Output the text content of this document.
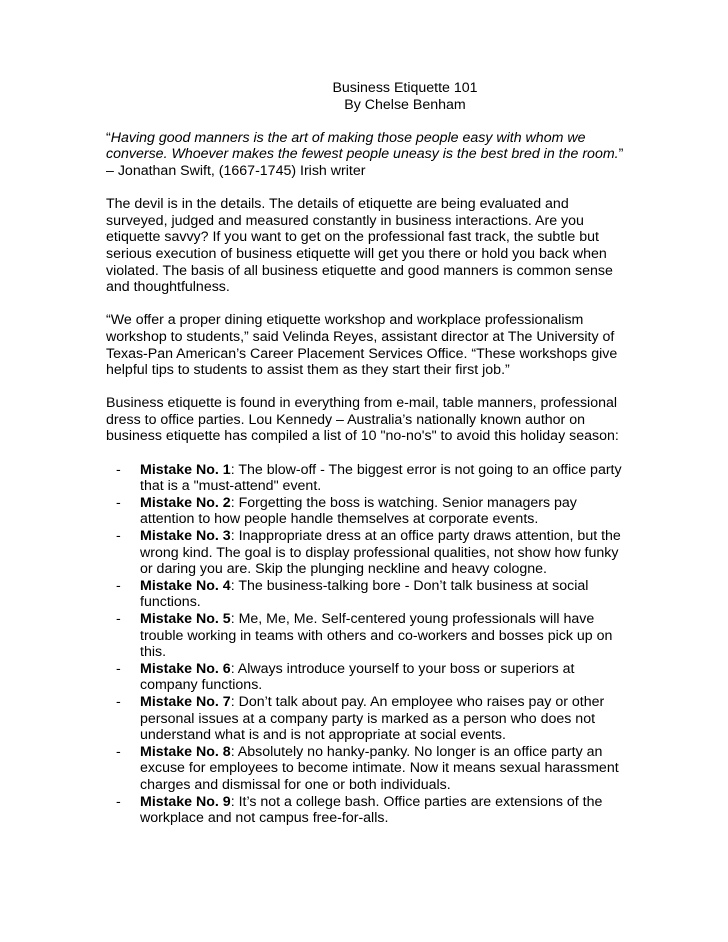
Business Etiquette 101
By Chelse Benham

“Having good manners is the art of making those people easy with whom we converse. Whoever makes the fewest people uneasy is the best bred in the room.” – Jonathan Swift, (1667-1745) Irish writer

The devil is in the details. The details of etiquette are being evaluated and surveyed, judged and measured constantly in business interactions. Are you etiquette savvy? If you want to get on the professional fast track, the subtle but serious execution of business etiquette will get you there or hold you back when violated. The basis of all business etiquette and good manners is common sense and thoughtfulness.

“We offer a proper dining etiquette workshop and workplace professionalism workshop to students,” said Velinda Reyes, assistant director at The University of Texas-Pan American’s Career Placement Services Office. “These workshops give helpful tips to students to assist them as they start their first job.”

Business etiquette is found in everything from e-mail, table manners, professional dress to office parties. Lou Kennedy – Australia’s nationally known author on business etiquette has compiled a list of 10 "no-no's" to avoid this holiday season:

- Mistake No. 1: The blow-off - The biggest error is not going to an office party that is a "must-attend" event.
- Mistake No. 2: Forgetting the boss is watching. Senior managers pay attention to how people handle themselves at corporate events.
- Mistake No. 3: Inappropriate dress at an office party draws attention, but the wrong kind. The goal is to display professional qualities, not show how funky or daring you are. Skip the plunging neckline and heavy cologne.
- Mistake No. 4: The business-talking bore - Don’t talk business at social functions.
- Mistake No. 5: Me, Me, Me. Self-centered young professionals will have trouble working in teams with others and co-workers and bosses pick up on this.
- Mistake No. 6: Always introduce yourself to your boss or superiors at company functions.
- Mistake No. 7: Don’t talk about pay. An employee who raises pay or other personal issues at a company party is marked as a person who does not understand what is and is not appropriate at social events.
- Mistake No. 8: Absolutely no hanky-panky. No longer is an office party an excuse for employees to become intimate. Now it means sexual harassment charges and dismissal for one or both individuals.
- Mistake No. 9: It’s not a college bash. Office parties are extensions of the workplace and not campus free-for-alls.
